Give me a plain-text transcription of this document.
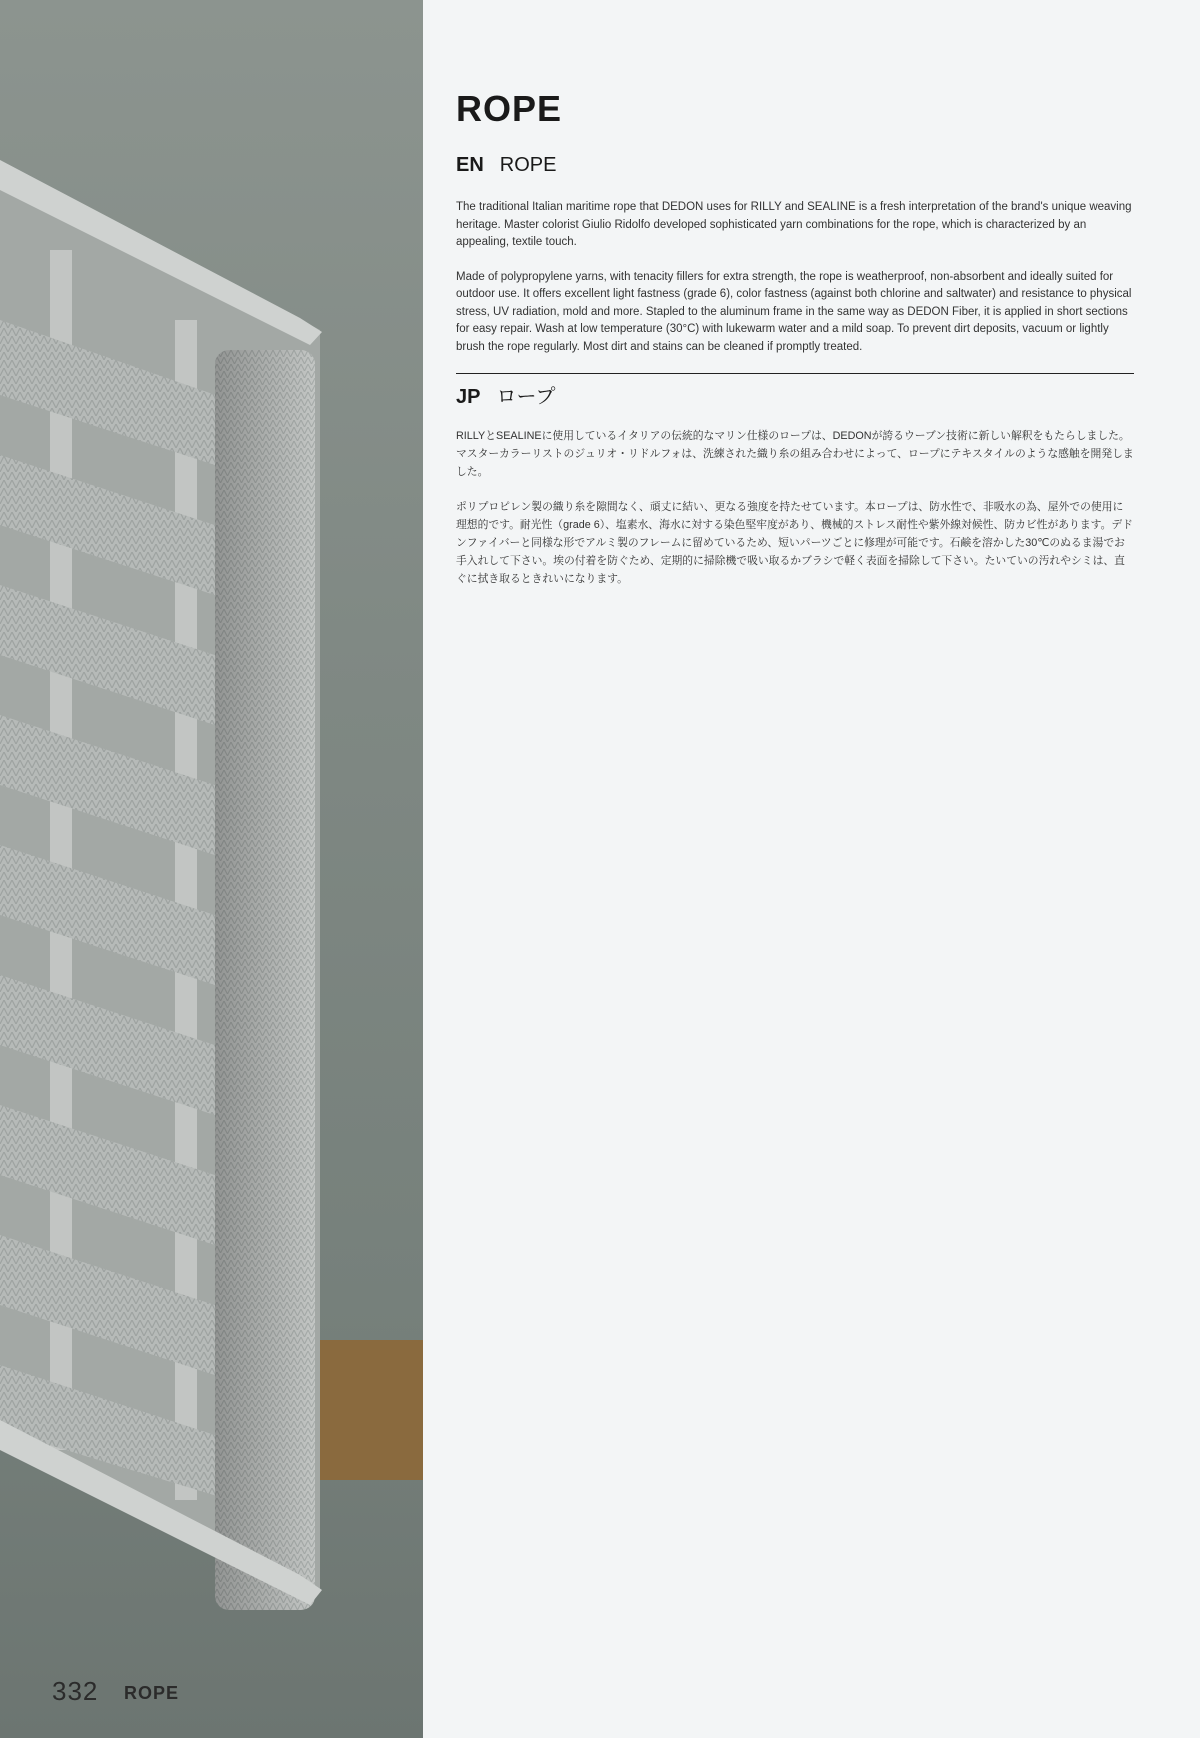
332 ROPE
ROPE
EN ROPE

The traditional Italian maritime rope that DEDON uses for RILLY and SEALINE is a fresh interpretation of the brand's unique weaving heritage. Master colorist Giulio Ridolfo developed sophisticated yarn combinations for the rope, which is characterized by an appealing, textile touch.

Made of polypropylene yarns, with tenacity fillers for extra strength, the rope is weatherproof, non-absorbent and ideally suited for outdoor use. It offers excellent light fastness (grade 6), color fastness (against both chlorine and saltwater) and resistance to physical stress, UV radiation, mold and more. Stapled to the aluminum frame in the same way as DEDON Fiber, it is applied in short sections for easy repair. Wash at low temperature (30°C) with lukewarm water and a mild soap. To prevent dirt deposits, vacuum or lightly brush the rope regularly. Most dirt and stains can be cleaned if promptly treated.

JP ロープ

RILLYとSEALINEに使用しているイタリアの伝統的なマリン仕様のロープは、DEDONが誇るウーブン技術に新しい解釈をもたらしました。マスターカラーリストのジュリオ・リドルフォは、洗練された織り糸の組み合わせによって、ロープにテキスタイルのような感触を開発しました。

ポリプロピレン製の織り糸を隙間なく、頑丈に結い、更なる強度を持たせています。本ロープは、防水性で、非吸水の為、屋外での使用に理想的です。耐光性（grade 6）、塩素水、海水に対する染色堅牢度があり、機械的ストレス耐性や紫外線対候性、防カビ性があります。デドンファイバーと同様な形でアルミ製のフレームに留めているため、短いパーツごとに修理が可能です。石鹸を溶かした30℃のぬるま湯でお手入れして下さい。埃の付着を防ぐため、定期的に掃除機で吸い取るかブラシで軽く表面を掃除して下さい。たいていの汚れやシミは、直ぐに拭き取るときれいになります。
